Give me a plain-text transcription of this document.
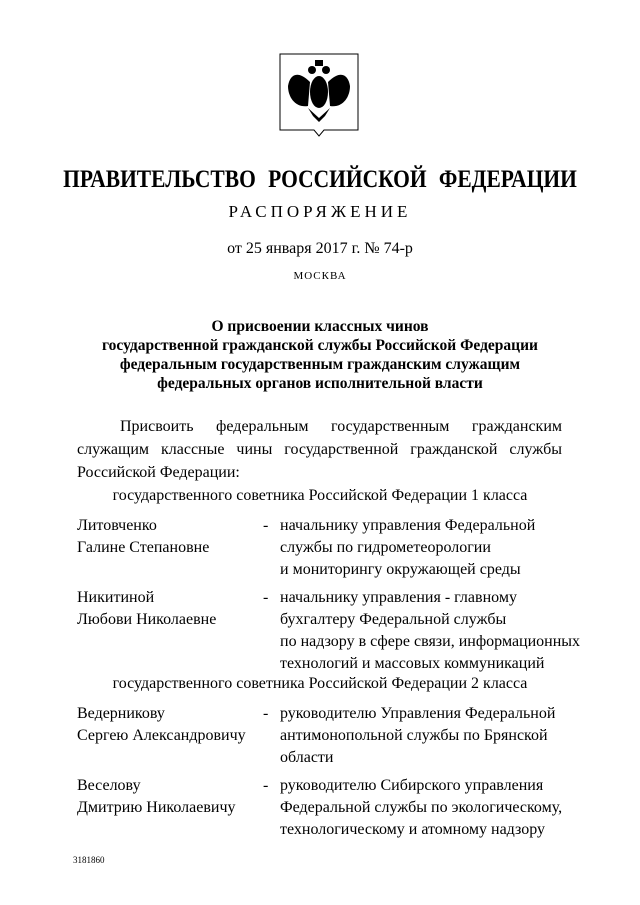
ПРАВИТЕЛЬСТВО РОССИЙСКОЙ ФЕДЕРАЦИИ
РАСПОРЯЖЕНИЕ
от 25 января 2017 г. № 74-р
МОСКВА
О присвоении классных чинов
государственной гражданской службы Российской Федерации
федеральным государственным гражданским служащим
федеральных органов исполнительной власти
Присвоить федеральным государственным гражданским служащим классные чины государственной гражданской службы Российской Федерации:
государственного советника Российской Федерации 1 класса
Литовченко
Галине Степановне
- начальнику управления Федеральной
службы по гидрометеорологии
и мониторингу окружающей среды
Никитиной
Любови Николаевне
- начальнику управления - главному
бухгалтеру Федеральной службы
по надзору в сфере связи, информационных
технологий и массовых коммуникаций
государственного советника Российской Федерации 2 класса
Ведерникову
Сергею Александровичу
- руководителю Управления Федеральной
антимонопольной службы по Брянской
области
Веселову
Дмитрию Николаевичу
- руководителю Сибирского управления
Федеральной службы по экологическому,
технологическому и атомному надзору
3181860
